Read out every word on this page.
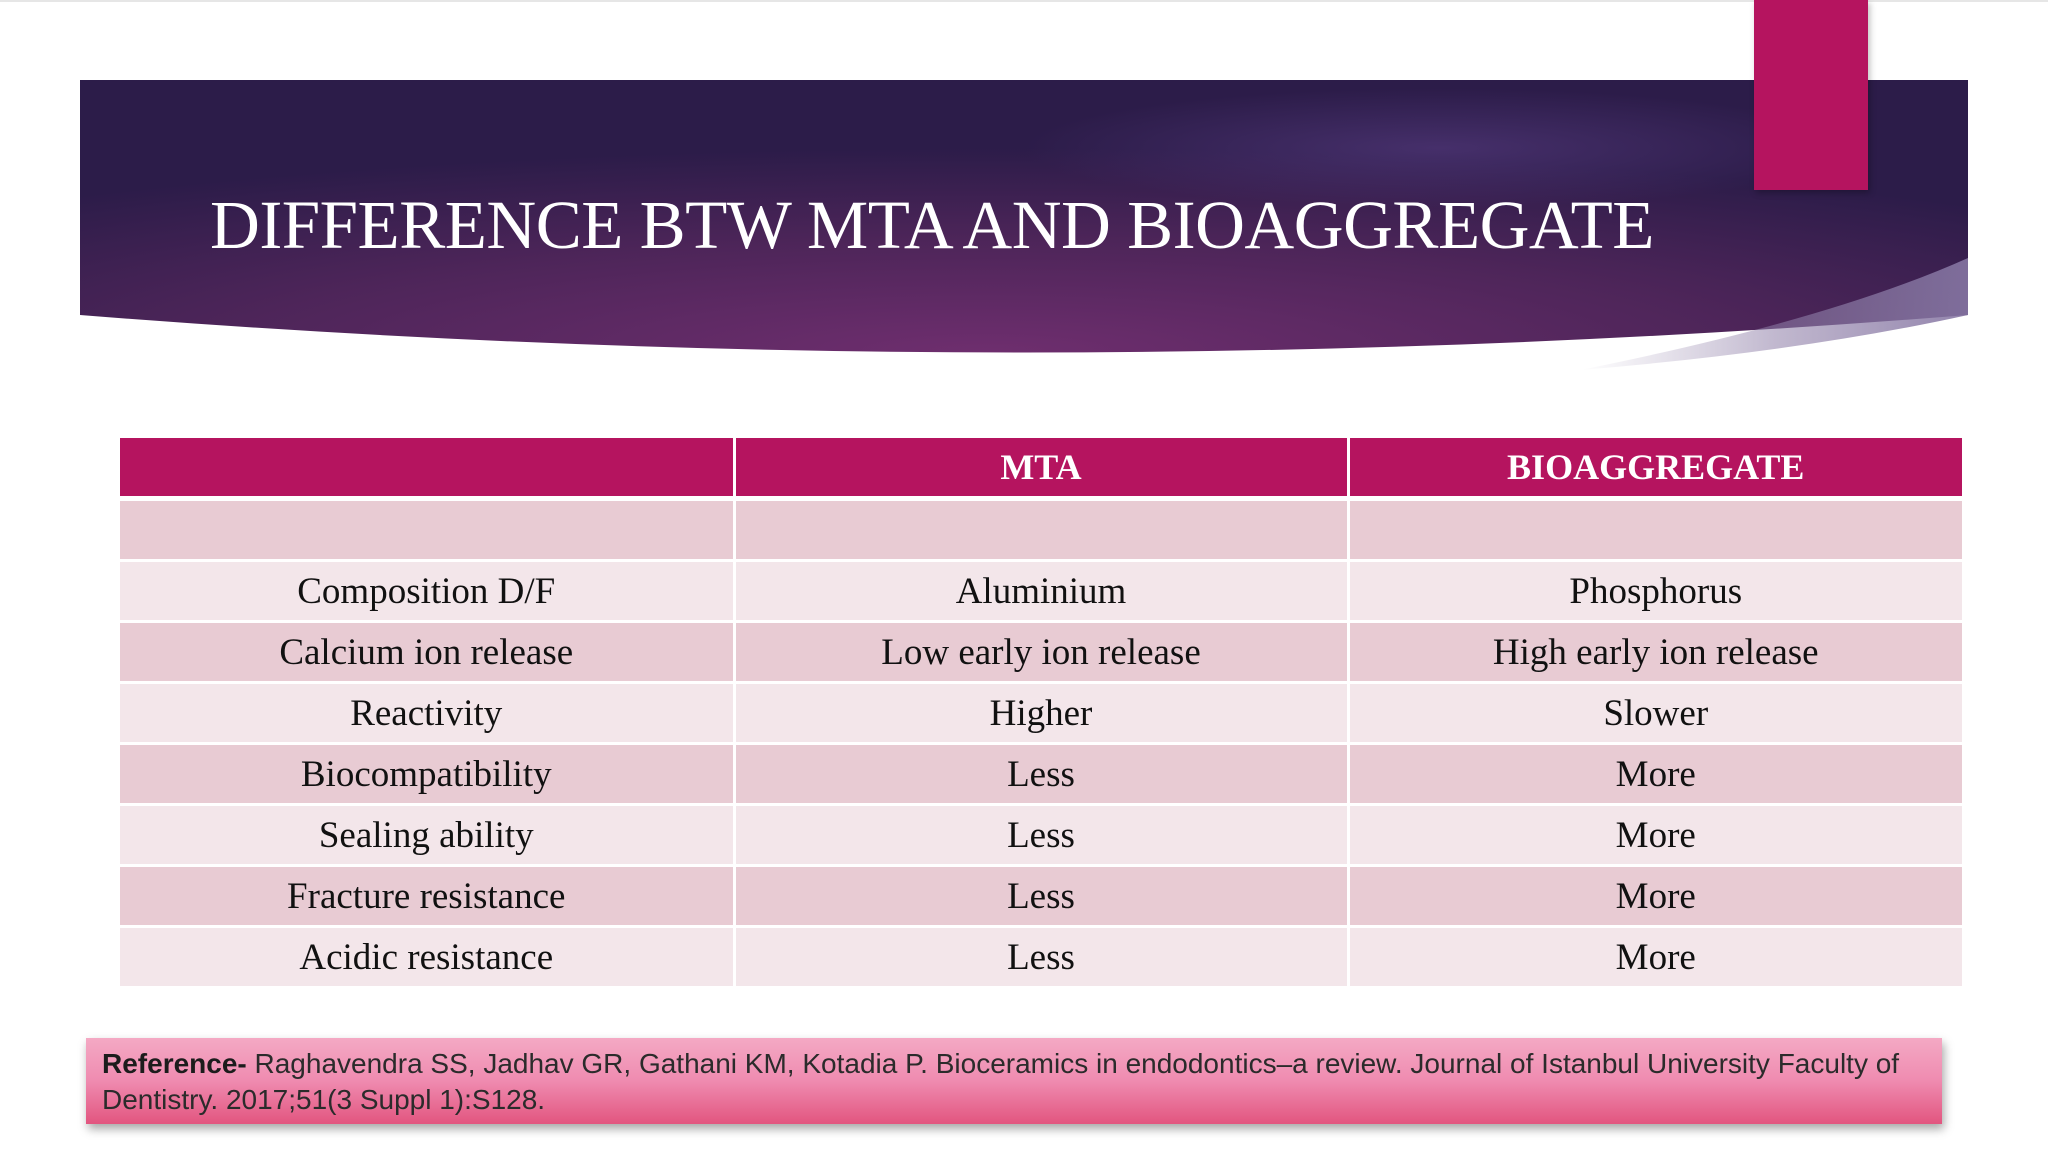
DIFFERENCE BTW MTA AND BIOAGGREGATE
	MTA	BIOAGGREGATE

Composition D/F	Aluminium	Phosphorus
Calcium ion release	Low early ion release	High early ion release
Reactivity	Higher	Slower
Biocompatibility	Less	More
Sealing ability	Less	More
Fracture resistance	Less	More
Acidic resistance	Less	More
Reference- Raghavendra SS, Jadhav GR, Gathani KM, Kotadia P. Bioceramics in endodontics–a review. Journal of Istanbul University Faculty of Dentistry. 2017;51(3 Suppl 1):S128.
